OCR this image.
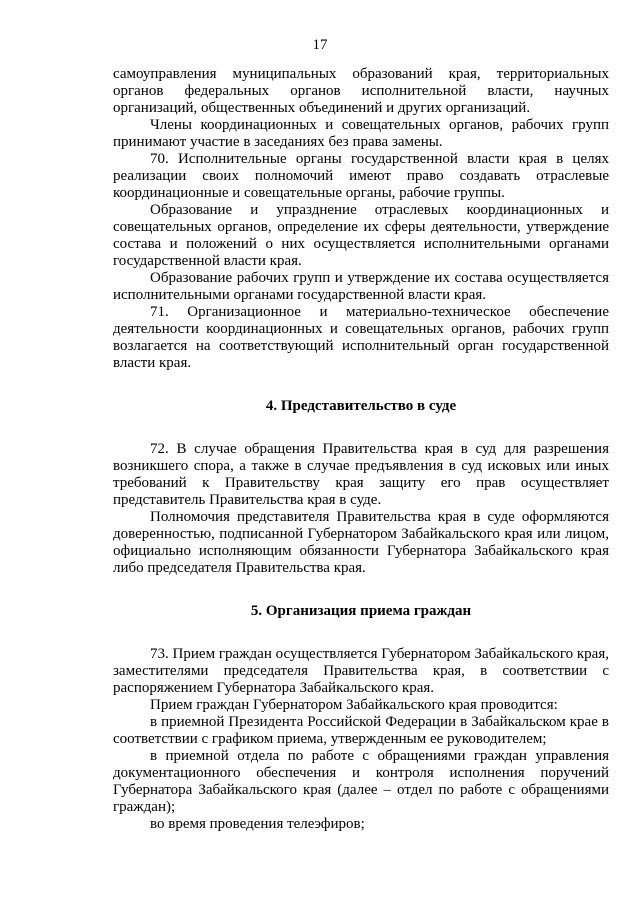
17

самоуправления муниципальных образований края, территориальных органов федеральных органов исполнительной власти, научных организаций, общественных объединений и других организаций.

Члены координационных и совещательных органов, рабочих групп принимают участие в заседаниях без права замены.

70. Исполнительные органы государственной власти края в целях реализации своих полномочий имеют право создавать отраслевые координационные и совещательные органы, рабочие группы.

Образование и упразднение отраслевых координационных и совещательных органов, определение их сферы деятельности, утверждение состава и положений о них осуществляется исполнительными органами государственной власти края.

Образование рабочих групп и утверждение их состава осуществляется исполнительными органами государственной власти края.

71. Организационное и материально-техническое обеспечение деятельности координационных и совещательных органов, рабочих групп возлагается на соответствующий исполнительный орган государственной власти края.

4. Представительство в суде

72. В случае обращения Правительства края в суд для разрешения возникшего спора, а также в случае предъявления в суд исковых или иных требований к Правительству края защиту его прав осуществляет представитель Правительства края в суде.

Полномочия представителя Правительства края в суде оформляются доверенностью, подписанной Губернатором Забайкальского края или лицом, официально исполняющим обязанности Губернатора Забайкальского края либо председателя Правительства края.

5. Организация приема граждан

73. Прием граждан осуществляется Губернатором Забайкальского края, заместителями председателя Правительства края, в соответствии с распоряжением Губернатора Забайкальского края.

Прием граждан Губернатором Забайкальского края проводится:

в приемной Президента Российской Федерации в Забайкальском крае в соответствии с графиком приема, утвержденным ее руководителем;

в приемной отдела по работе с обращениями граждан управления документационного обеспечения и контроля исполнения поручений Губернатора Забайкальского края (далее – отдел по работе с обращениями граждан);

во время проведения телеэфиров;
